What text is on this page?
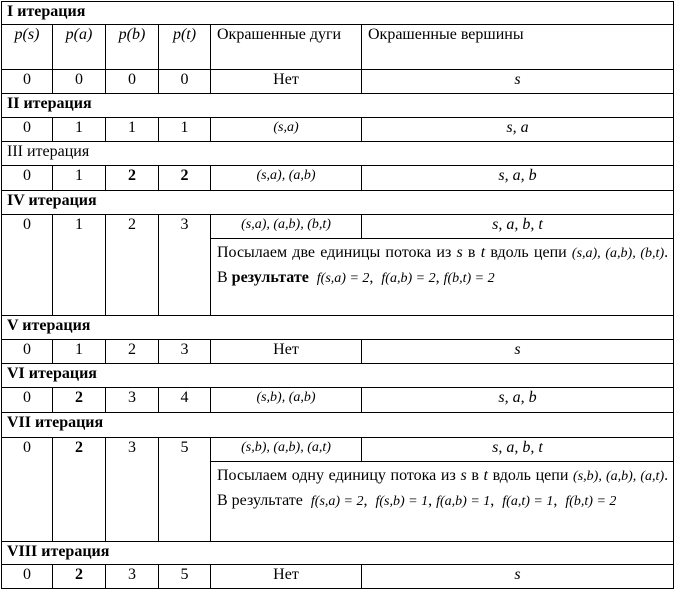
I итерация					
p(s)	p(a)	p(b)	p(t)	Окрашенные дуги	Окрашенные вершины
0	0	0	0	Нет	s
II итерация					
0	1	1	1	(s,a)	s, a
III итерация					
0	1	2	2	(s,a), (a,b)	s, a, b
IV итерация					
0	1	2	3	(s,a), (a,b), (b,t)	s, a, b, t
				Посылаем две единицы потока из s в t вдоль цепи (s,a), (a,b), (b,t). В результате f(s,a) = 2,  f(a,b) = 2, f(b,t) = 2	
V итерация					
0	1	2	3	Нет	s
VI итерация					
0	2	3	4	(s,b), (a,b)	s, a, b
VII итерация					
0	2	3	5	(s,b), (a,b), (a,t)	s, a, b, t
				Посылаем одну единицу потока из s в t вдоль цепи (s,b), (a,b), (a,t). В результате f(s,a) = 2,  f(s,b) = 1, f(a,b) = 1,  f(a,t) = 1,  f(b,t) = 2	
VIII итерация					
0	2	3	5	Нет	s
